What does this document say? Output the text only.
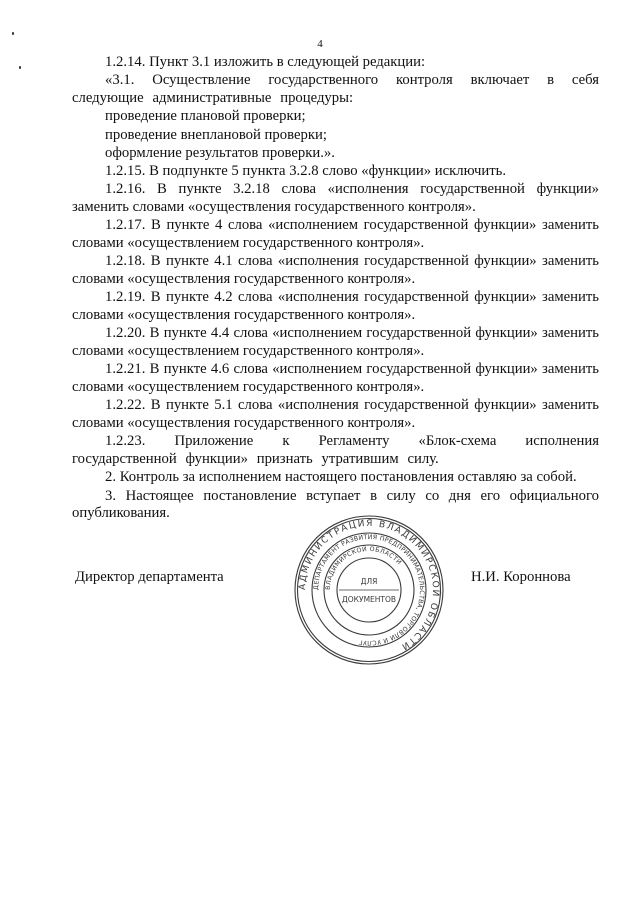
4

1.2.14. Пункт 3.1 изложить в следующей редакции:

«3.1. Осуществление государственного контроля включает в себя следующие административные процедуры:

проведение плановой проверки;
проведение внеплановой проверки;
оформление результатов проверки.».

1.2.15. В подпункте 5 пункта 3.2.8 слово «функции» исключить.

1.2.16. В пункте 3.2.18 слова «исполнения государственной функции» заменить словами «осуществления государственного контроля».

1.2.17. В пункте 4 слова «исполнением государственной функции» заменить словами «осуществлением государственного контроля».

1.2.18. В пункте 4.1 слова «исполнения государственной функции» заменить словами «осуществления государственного контроля».

1.2.19. В пункте 4.2 слова «исполнения государственной функции» заменить словами «осуществления государственного контроля».

1.2.20. В пункте 4.4 слова «исполнением государственной функции» заменить словами «осуществлением государственного контроля».

1.2.21. В пункте 4.6 слова «исполнением государственной функции» заменить словами «осуществлением государственного контроля».

1.2.22. В пункте 5.1 слова «исполнения государственной функции» заменить словами «осуществления государственного контроля».

1.2.23. Приложение к Регламенту «Блок-схема исполнения государственной функции» признать утратившим силу.

2. Контроль за исполнением настоящего постановления оставляю за собой.

3. Настоящее постановление вступает в силу со дня его официального опубликования.

Директор департамента
АДМИНИСТРАЦИЯ ВЛАДИМИРСКОЙ ОБЛАСТИ
ДЕПАРТАМЕНТ РАЗВИТИЯ ПРЕДПРИНИМАТЕЛЬСТВА, ТОРГОВЛИ И УСЛУГ
ВЛАДИМИРСКОЙ ОБЛАСТИ
ДЛЯ
ДОКУМЕНТОВ
Н.И. Короннова
